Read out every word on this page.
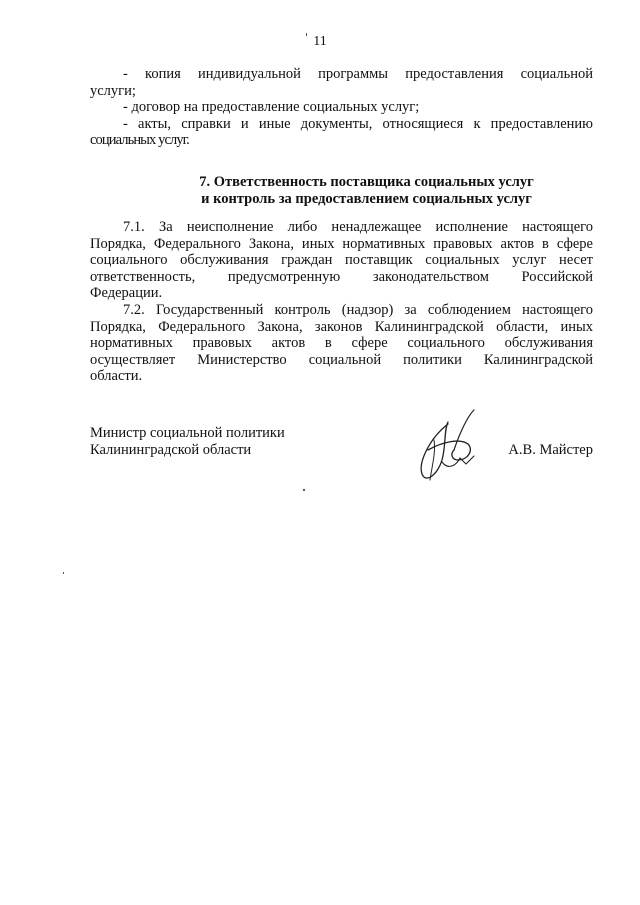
11
- копия индивидуальной программы предоставления социальной
услуги;
- договор на предоставление социальных услуг;
- акты, справки и иные документы, относящиеся к предоставлению
социальных услуг.
7. Ответственность поставщика социальных услуг
и контроль за предоставлением социальных услуг
7.1. За неисполнение либо ненадлежащее исполнение настоящего
Порядка, Федерального Закона, иных нормативных правовых актов в сфере
социального обслуживания граждан поставщик социальных услуг несет
ответственность, предусмотренную законодательством Российской
Федерации.
7.2. Государственный контроль (надзор) за соблюдением настоящего
Порядка, Федерального Закона, законов Калининградской области, иных
нормативных правовых актов в сфере социального обслуживания
осуществляет Министерство социальной политики Калининградской
области.
Министр социальной политики
Калининградской области	А.В. Майстер
